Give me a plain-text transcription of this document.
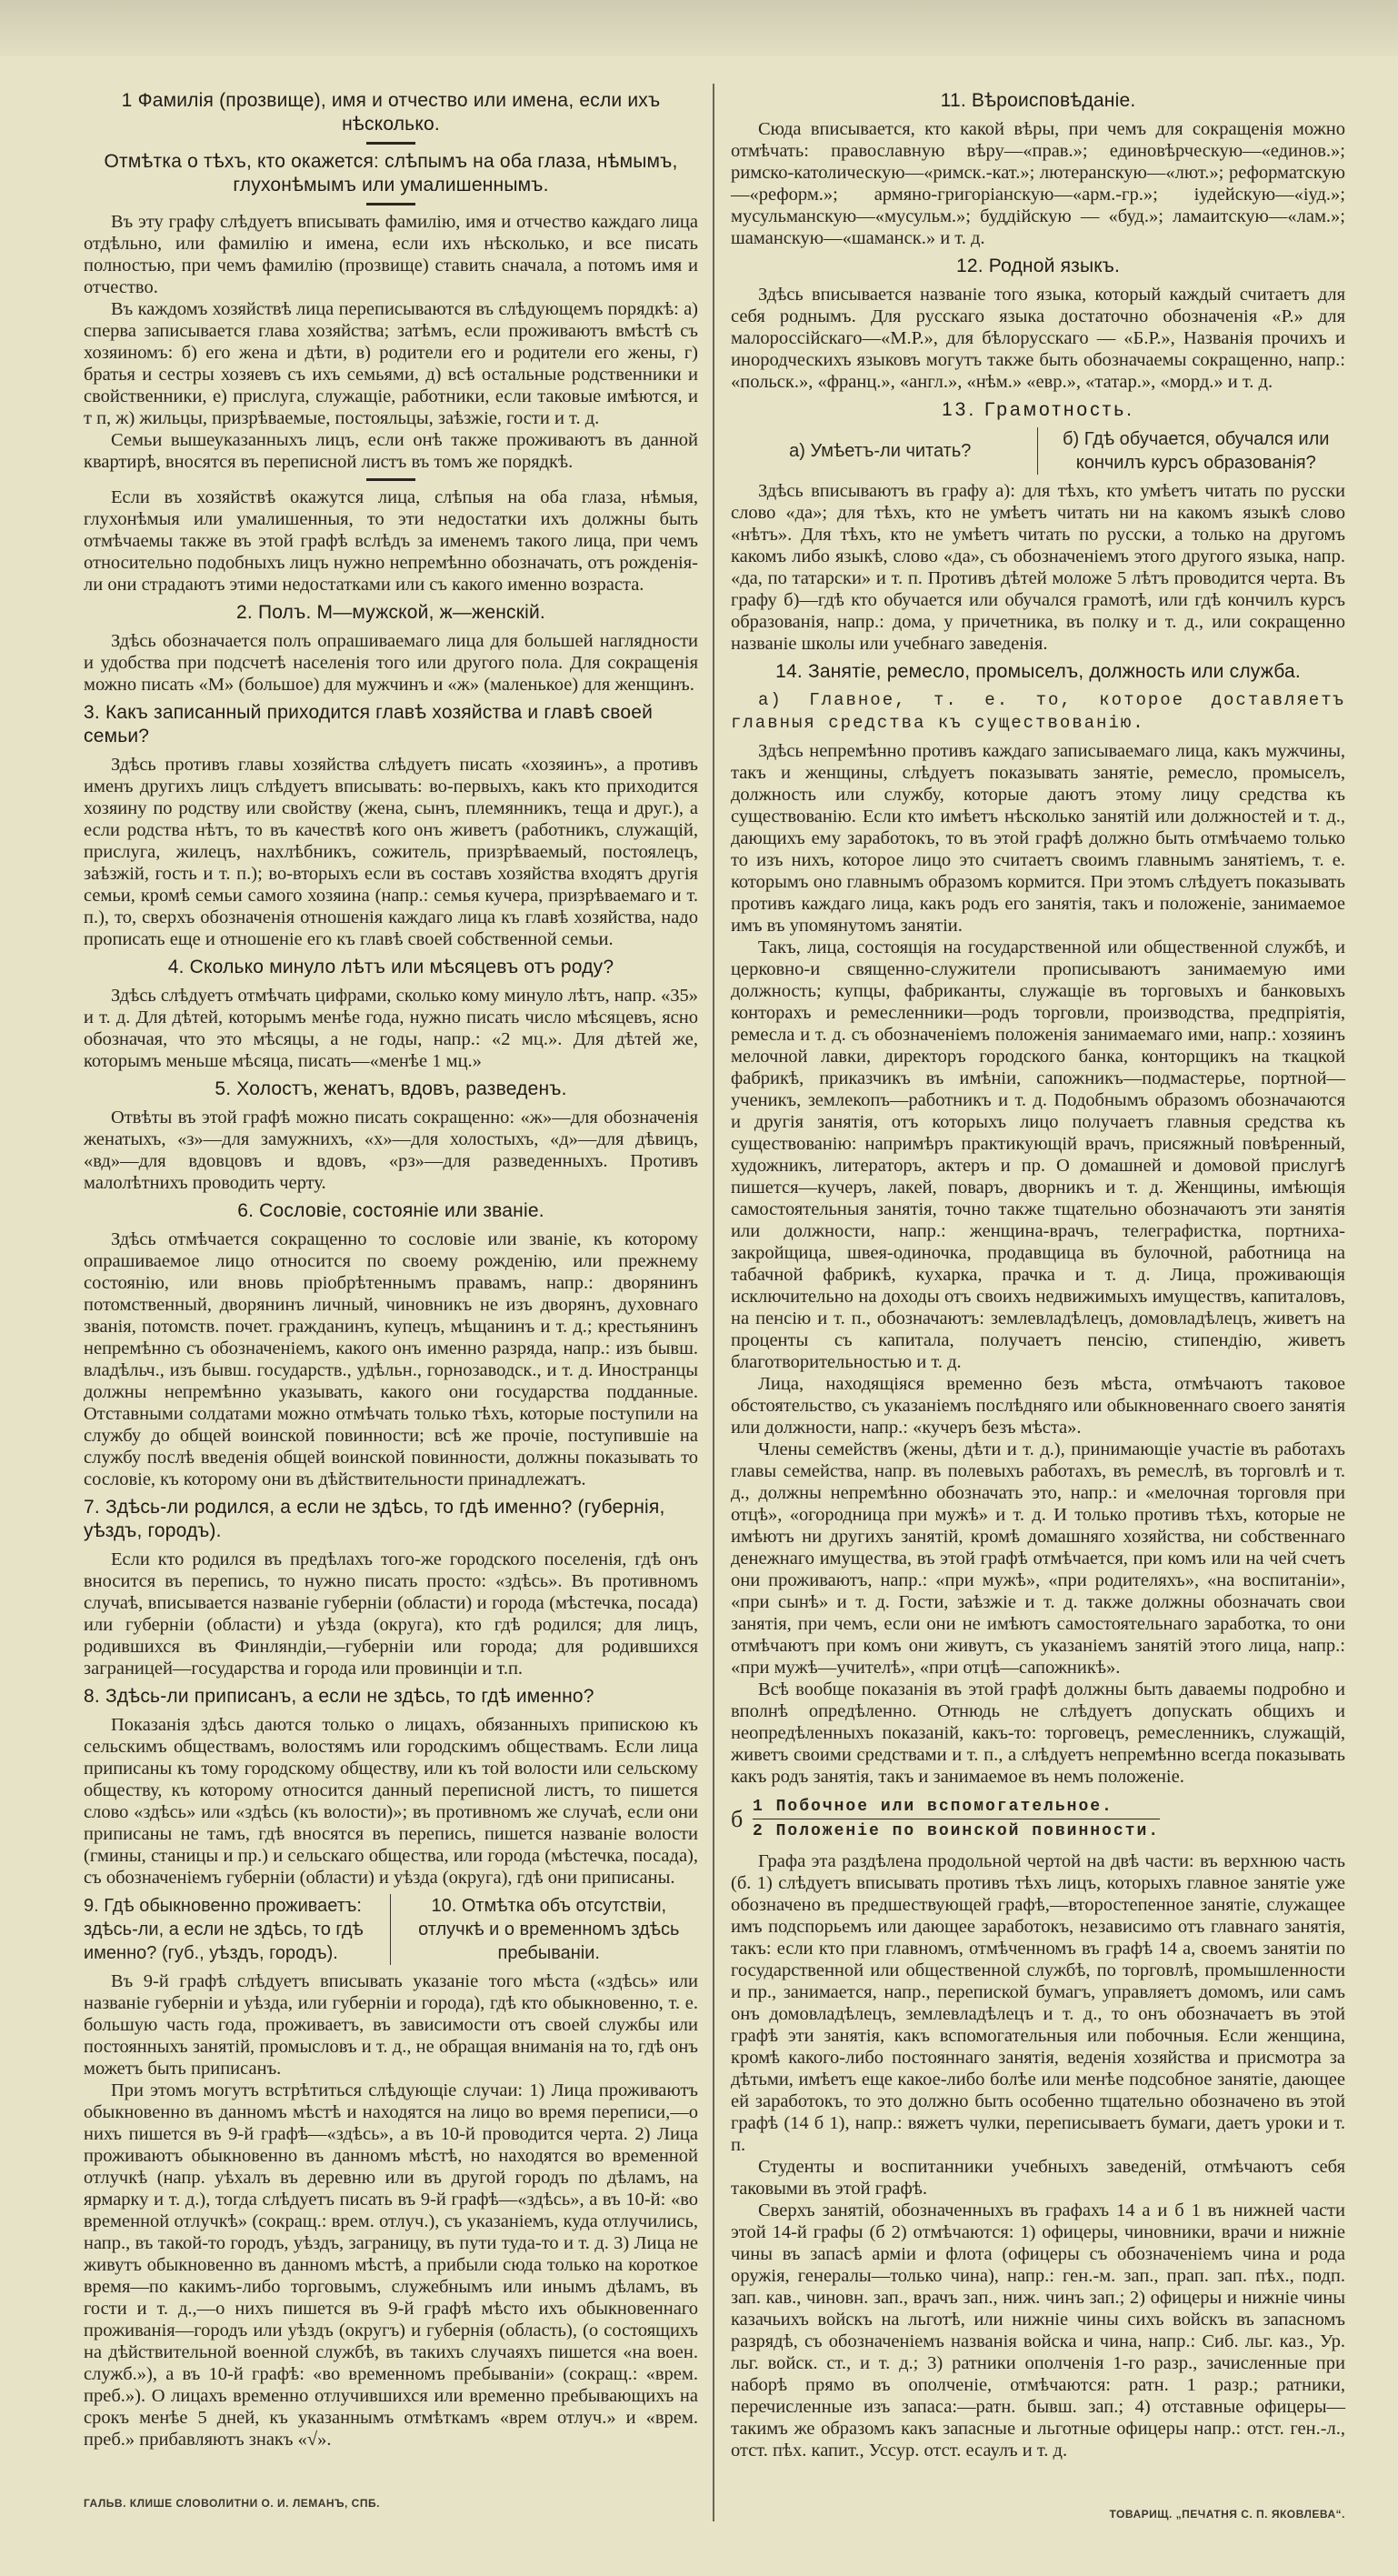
1 Фамилія (прозвище), имя и отчество или имена, если ихъ нѣсколько.
Отмѣтка о тѣхъ, кто окажется: слѣпымъ на оба глаза, нѣмымъ, глухонѣмымъ или умалишеннымъ.

Въ эту графу слѣдуетъ вписывать фамилію, имя и отчество каждаго лица отдѣльно, или фамилію и имена, если ихъ нѣсколько, и все писать полностью, при чемъ фамилію (прозвище) ставить сначала, а потомъ имя и отчество.

Въ каждомъ хозяйствѣ лица переписываются въ слѣдующемъ порядкѣ: а) сперва записывается глава хозяйства; затѣмъ, если проживаютъ вмѣстѣ съ хозяиномъ: б) его жена и дѣти, в) родители его и родители его жены, г) братья и сестры хозяевъ съ ихъ семьями, д) всѣ остальные родственники и свойственники, е) прислуга, служащіе, работники, если таковые имѣются, и т п, ж) жильцы, призрѣваемые, постояльцы, заѣзжіе, гости и т. д.

Семьи вышеуказанныхъ лицъ, если онѣ также проживаютъ въ данной квартирѣ, вносятся въ переписной листъ въ томъ же порядкѣ.

Если въ хозяйствѣ окажутся лица, слѣпыя на оба глаза, нѣмыя, глухонѣмыя или умалишенныя, то эти недостатки ихъ должны быть отмѣчаемы также въ этой графѣ вслѣдъ за именемъ такого лица, при чемъ относительно подобныхъ лицъ нужно непремѣнно обозначать, отъ рожденія-ли они страдаютъ этими недостатками или съ какого именно возраста.

2. Полъ. М—мужской, ж—женскій.

Здѣсь обозначается полъ опрашиваемаго лица для большей наглядности и удобства при подсчетѣ населенія того или другого пола. Для сокращенія можно писать «М» (большое) для мужчинъ и «ж» (маленькое) для женщинъ.

3. Какъ записанный приходится главѣ хозяйства и главѣ своей семьи?

Здѣсь противъ главы хозяйства слѣдуетъ писать «хозяинъ», а противъ именъ другихъ лицъ слѣдуетъ вписывать: во-первыхъ, какъ кто приходится хозяину по родству или свойству (жена, сынъ, племянникъ, теща и друг.), а если родства нѣтъ, то въ качествѣ кого онъ живетъ (работникъ, служащій, прислуга, жилецъ, нахлѣбникъ, сожитель, призрѣваемый, постоялецъ, заѣзжій, гость и т. п.); во-вторыхъ если въ составъ хозяйства входятъ другія семьи, кромѣ семьи самого хозяина (напр.: семья кучера, призрѣваемаго и т. п.), то, сверхъ обозначенія отношенія каждаго лица къ главѣ хозяйства, надо прописать еще и отношеніе его къ главѣ своей собственной семьи.

4. Сколько минуло лѣтъ или мѣсяцевъ отъ роду?

Здѣсь слѣдуетъ отмѣчать цифрами, сколько кому минуло лѣтъ, напр. «35» и т. д. Для дѣтей, которымъ менѣе года, нужно писать число мѣсяцевъ, ясно обозначая, что это мѣсяцы, а не годы, напр.: «2 мц.». Для дѣтей же, которымъ меньше мѣсяца, писать—«менѣе 1 мц.»

5. Холостъ, женатъ, вдовъ, разведенъ.

Отвѣты въ этой графѣ можно писать сокращенно: «ж»—для обозначенія женатыхъ, «з»—для замужнихъ, «х»—для холостыхъ, «д»—для дѣвицъ, «вд»—для вдовцовъ и вдовъ, «рз»—для разведенныхъ. Противъ малолѣтнихъ проводить черту.

6. Сословіе, состояніе или званіе.

Здѣсь отмѣчается сокращенно то сословіе или званіе, къ которому опрашиваемое лицо относится по своему рожденію, или прежнему состоянію, или вновь пріобрѣтеннымъ правамъ, напр.: дворянинъ потомственный, дворянинъ личный, чиновникъ не изъ дворянъ, духовнаго званія, потомств. почет. гражданинъ, купецъ, мѣщанинъ и т. д.; крестьянинъ непремѣнно съ обозначеніемъ, какого онъ именно разряда, напр.: изъ бывш. владѣльч., изъ бывш. государств., удѣльн., горнозаводск., и т. д. Иностранцы должны непремѣнно указывать, какого они государства подданные. Отставными солдатами можно отмѣчать только тѣхъ, которые поступили на службу до общей воинской повинности; всѣ же прочіе, поступившіе на службу послѣ введенія общей воинской повинности, должны показывать то сословіе, къ которому они въ дѣйствительности принадлежатъ.

7. Здѣсь-ли родился, а если не здѣсь, то гдѣ именно? (губернія, уѣздъ, городъ).

Если кто родился въ предѣлахъ того-же городского поселенія, гдѣ онъ вносится въ перепись, то нужно писать просто: «здѣсь». Въ противномъ случаѣ, вписывается названіе губерніи (области) и города (мѣстечка, посада) или губерніи (области) и уѣзда (округа), кто гдѣ родился; для лицъ, родившихся въ Финляндіи,—губерніи или города; для родившихся заграницей—государства и города или провинціи и т.п.

8. Здѣсь-ли приписанъ, а если не здѣсь, то гдѣ именно?

Показанія здѣсь даются только о лицахъ, обязанныхъ припискою къ сельскимъ обществамъ, волостямъ или городскимъ обществамъ. Если лица приписаны къ тому городскому обществу, или къ той волости или сельскому обществу, къ которому относится данный переписной листъ, то пишется слово «здѣсь» или «здѣсь (къ волости)»; въ противномъ же случаѣ, если они приписаны не тамъ, гдѣ вносятся въ перепись, пишется названіе волости (гмины, станицы и пр.) и сельскаго общества, или города (мѣстечка, посада), съ обозначеніемъ губерніи (области) и уѣзда (округа), гдѣ они приписаны.

9. Гдѣ обыкновенно проживаетъ: здѣсь-ли, а если не здѣсь, то гдѣ именно? (губ., уѣздъ, городъ).
10. Отмѣтка объ отсутствіи, отлучкѣ и о временномъ здѣсь пребываніи.

Въ 9-й графѣ слѣдуетъ вписывать указаніе того мѣста («здѣсь» или названіе губерніи и уѣзда, или губерніи и города), гдѣ кто обыкновенно, т. е. большую часть года, проживаетъ, въ зависимости отъ своей службы или постоянныхъ занятій, промысловъ и т. д., не обращая вниманія на то, гдѣ онъ можетъ быть приписанъ.

При этомъ могутъ встрѣтиться слѣдующіе случаи: 1) Лица проживаютъ обыкновенно въ данномъ мѣстѣ и находятся на лицо во время переписи,—о нихъ пишется въ 9-й графѣ—«здѣсь», а въ 10-й проводится черта. 2) Лица проживаютъ обыкновенно въ данномъ мѣстѣ, но находятся во временной отлучкѣ (напр. уѣхалъ въ деревню или въ другой городъ по дѣламъ, на ярмарку и т. д.), тогда слѣдуетъ писать въ 9-й графѣ—«здѣсь», а въ 10-й: «во временной отлучкѣ» (сокращ.: врем. отлуч.), съ указаніемъ, куда отлучились, напр., въ такой-то городъ, уѣздъ, заграницу, въ пути туда-то и т. д. 3) Лица не живутъ обыкновенно въ данномъ мѣстѣ, а прибыли сюда только на короткое время—по какимъ-либо торговымъ, служебнымъ или инымъ дѣламъ, въ гости и т. д.,—о нихъ пишется въ 9-й графѣ мѣсто ихъ обыкновеннаго проживанія—городъ или уѣздъ (округъ) и губернія (область), (о состоящихъ на дѣйствительной военной службѣ, въ такихъ случаяхъ пишется «на воен. служб.»), а въ 10-й графѣ: «во временномъ пребываніи» (сокращ.: «врем. преб.»). О лицахъ временно отлучившихся или временно пребывающихъ на срокъ менѣе 5 дней, къ указаннымъ отмѣткамъ «врем отлуч.» и «врем. преб.» прибавляютъ знакъ «√».

ГАЛЬВ. КЛИШЕ СЛОВОЛИТНИ О. И. ЛЕМАНЪ, СПБ.
11. Вѣроисповѣданіе.

Сюда вписывается, кто какой вѣры, при чемъ для сокращенія можно отмѣчать: православную вѣру—«прав.»; единовѣрческую—«единов.»; римско-католическую—«римск.-кат.»; лютеранскую—«лют.»; реформатскую—«реформ.»; армяно-григоріанскую—«арм.-гр.»; іудейскую—«іуд.»; мусульманскую—«мусульм.»; буддійскую — «буд.»; ламаитскую—«лам.»; шаманскую—«шаманск.» и т. д.

12. Родной языкъ.

Здѣсь вписывается названіе того языка, который каждый считаетъ для себя роднымъ. Для русскаго языка достаточно обозначенія «Р.» для малороссійскаго—«М.Р.», для бѣлорусскаго — «Б.Р.», Названія прочихъ и инородческихъ языковъ могутъ также быть обозначаемы сокращенно, напр.: «польск.», «франц.», «англ.», «нѣм.» «евр.», «татар.», «морд.» и т. д.

13. Грамотность.
а) Умѣетъ-ли читать?
б) Гдѣ обучается, обучался или кончилъ курсъ образованія?

Здѣсь вписываютъ въ графу а): для тѣхъ, кто умѣетъ читать по русски слово «да»; для тѣхъ, кто не умѣетъ читать ни на какомъ языкѣ слово «нѣтъ». Для тѣхъ, кто не умѣетъ читать по русски, а только на другомъ какомъ либо языкѣ, слово «да», съ обозначеніемъ этого другого языка, напр. «да, по татарски» и т. п. Противъ дѣтей моложе 5 лѣтъ проводится черта. Въ графу б)—гдѣ кто обучается или обучался грамотѣ, или гдѣ кончилъ курсъ образованія, напр.: дома, у причетника, въ полку и т. д., или сокращенно названіе школы или учебнаго заведенія.

14. Занятіе, ремесло, промыселъ, должность или служба.
а) Главное, т. е. то, которое доставляетъ главныя средства къ существованію.

Здѣсь непремѣнно противъ каждаго записываемаго лица, какъ мужчины, такъ и женщины, слѣдуетъ показывать занятіе, ремесло, промыселъ, должность или службу, которые даютъ этому лицу средства къ существованію. Если кто имѣетъ нѣсколько занятій или должностей и т. д., дающихъ ему заработокъ, то въ этой графѣ должно быть отмѣчаемо только то изъ нихъ, которое лицо это считаетъ своимъ главнымъ занятіемъ, т. е. которымъ оно главнымъ образомъ кормится. При этомъ слѣдуетъ показывать противъ каждаго лица, какъ родъ его занятія, такъ и положеніе, занимаемое имъ въ упомянутомъ занятіи.

Такъ, лица, состоящія на государственной или общественной службѣ, и церковно-и священно-служители прописываютъ занимаемую ими должность; купцы, фабриканты, служащіе въ торговыхъ и банковыхъ конторахъ и ремесленники—родъ торговли, производства, предпріятія, ремесла и т. д. съ обозначеніемъ положенія занимаемаго ими, напр.: хозяинъ мелочной лавки, директоръ городского банка, конторщикъ на ткацкой фабрикѣ, приказчикъ въ имѣніи, сапожникъ—подмастерье, портной—ученикъ, землекопъ—работникъ и т. д. Подобнымъ образомъ обозначаются и другія занятія, отъ которыхъ лицо получаетъ главныя средства къ существованію: напримѣръ практикующій врачъ, присяжный повѣренный, художникъ, литераторъ, актеръ и пр. О домашней и домовой прислугѣ пишется—кучеръ, лакей, поваръ, дворникъ и т. д. Женщины, имѣющія самостоятельныя занятія, точно также тщательно обозначаютъ эти занятія или должности, напр.: женщина-врачъ, телеграфистка, портниха-закройщица, швея-одиночка, продавщица въ булочной, работница на табачной фабрикѣ, кухарка, прачка и т. д. Лица, проживающія исключительно на доходы отъ своихъ недвижимыхъ имуществъ, капиталовъ, на пенсію и т. п., обозначаютъ: землевладѣлецъ, домовладѣлецъ, живетъ на проценты съ капитала, получаетъ пенсію, стипендію, живетъ благотворительностью и т. д.

Лица, находящіяся временно безъ мѣста, отмѣчаютъ таковое обстоятельство, съ указаніемъ послѣдняго или обыкновеннаго своего занятія или должности, напр.: «кучеръ безъ мѣста».

Члены семействъ (жены, дѣти и т. д.), принимающіе участіе въ работахъ главы семейства, напр. въ полевыхъ работахъ, въ ремеслѣ, въ торговлѣ и т. д., должны непремѣнно обозначать это, напр.: и «мелочная торговля при отцѣ», «огородница при мужѣ» и т. д. И только противъ тѣхъ, которые не имѣютъ ни другихъ занятій, кромѣ домашняго хозяйства, ни собственнаго денежнаго имущества, въ этой графѣ отмѣчается, при комъ или на чей счетъ они проживаютъ, напр.: «при мужѣ», «при родителяхъ», «на воспитаніи», «при сынѣ» и т. д. Гости, заѣзжіе и т. д. также должны обозначать свои занятія, при чемъ, если они не имѣютъ самостоятельнаго заработка, то они отмѣчаютъ при комъ они живутъ, съ указаніемъ занятій этого лица, напр.: «при мужѣ—учителѣ», «при отцѣ—сапожникѣ».

Всѣ вообще показанія въ этой графѣ должны быть даваемы подробно и вполнѣ опредѣленно. Отнюдь не слѣдуетъ допускать общихъ и неопредѣленныхъ показаній, какъ-то: торговецъ, ремесленникъ, служащій, живетъ своими средствами и т. п., а слѣдуетъ непремѣнно всегда показывать какъ родъ занятія, такъ и занимаемое въ немъ положеніе.

б 1 Побочное или вспомогательное.
2 Положеніе по воинской повинности.

Графа эта раздѣлена продольной чертой на двѣ части: въ верхнюю часть (б. 1) слѣдуетъ вписывать противъ тѣхъ лицъ, которыхъ главное занятіе уже обозначено въ предшествующей графѣ,—второстепенное занятіе, служащее имъ подспорьемъ или дающее заработокъ, независимо отъ главнаго занятія, такъ: если кто при главномъ, отмѣченномъ въ графѣ 14 а, своемъ занятіи по государственной или общественной службѣ, по торговлѣ, промышленности и пр., занимается, напр., перепиской бумагъ, управляетъ домомъ, или самъ онъ домовладѣлецъ, землевладѣлецъ и т. д., то онъ обозначаетъ въ этой графѣ эти занятія, какъ вспомогательныя или побочныя. Если женщина, кромѣ какого-либо постояннаго занятія, веденія хозяйства и присмотра за дѣтьми, имѣетъ еще какое-либо болѣе или менѣе подсобное занятіе, дающее ей заработокъ, то это должно быть особенно тщательно обозначено въ этой графѣ (14 б 1), напр.: вяжетъ чулки, переписываетъ бумаги, даетъ уроки и т. п.

Студенты и воспитанники учебныхъ заведеній, отмѣчаютъ себя таковыми въ этой графѣ.

Сверхъ занятій, обозначенныхъ въ графахъ 14 а и б 1 въ нижней части этой 14-й графы (б 2) отмѣчаются: 1) офицеры, чиновники, врачи и нижніе чины въ запасѣ арміи и флота (офицеры съ обозначеніемъ чина и рода оружія, генералы—только чина), напр.: ген.-м. зап., прап. зап. пѣх., подп. зап. кав., чиновн. зап., врачъ зап., ниж. чинъ зап.; 2) офицеры и нижніе чины казачьихъ войскъ на льготѣ, или нижніе чины сихъ войскъ въ запасномъ разрядѣ, съ обозначеніемъ названія войска и чина, напр.: Сиб. льг. каз., Ур. льг. войск. ст., и т. д.; 3) ратники ополченія 1-го разр., зачисленные при наборѣ прямо въ ополченіе, отмѣчаются: ратн. 1 разр.; ратники, перечисленные изъ запаса:—ратн. бывш. зап.; 4) отставные офицеры—такимъ же образомъ какъ запасные и льготные офицеры напр.: отст. ген.-л., отст. пѣх. капит., Уссур. отст. есаулъ и т. д.

ТОВАРИЩ. „ПЕЧАТНЯ С. П. ЯКОВЛЕВА“.
